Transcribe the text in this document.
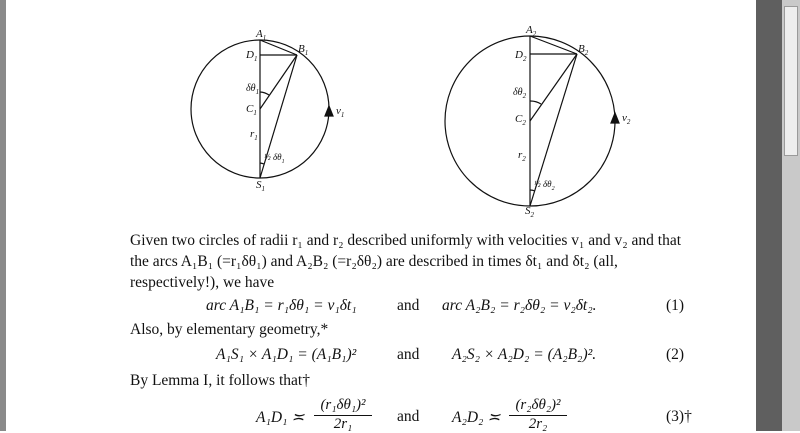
$A_1$
$B_1$
$D_1$
$C_1$
$S_1$
$r_1$
$v_1$
$\delta\theta_1$
½ $\delta\theta_1$
$A_2$
$B_2$
$D_2$
$C_2$
$S_2$
$r_2$
$v_2$
$\delta\theta_2$
½ $\delta\theta_2$
Given two circles of radii r₁ and r₂ described uniformly with velocities v₁ and v₂ and that
the arcs A₁B₁ (=r₁δθ₁) and A₂B₂ (=r₂δθ₂) are described in times δt₁ and δt₂ (all,
respectively!), we have
arc A₁B₁ = r₁δθ₁ = v₁δt₁	and arc A₂B₂ = r₂δθ₂ = v₂δt₂.	(1)
Also, by elementary geometry,*
A₁S₁ × A₁D₁ = (A₁B₁)²	and A₂S₂ × A₂D₂ = (A₂B₂)².	(2)
By Lemma I, it follows that†
A₁D₁ ≍ $\frac{\text{(r₁δθ₁)²}}{\text{2r₁}}$ and A₂D₂ ≍ $\frac{\text{(r₂δθ₂)²}}{\text{2r₂}}$	(3)†
